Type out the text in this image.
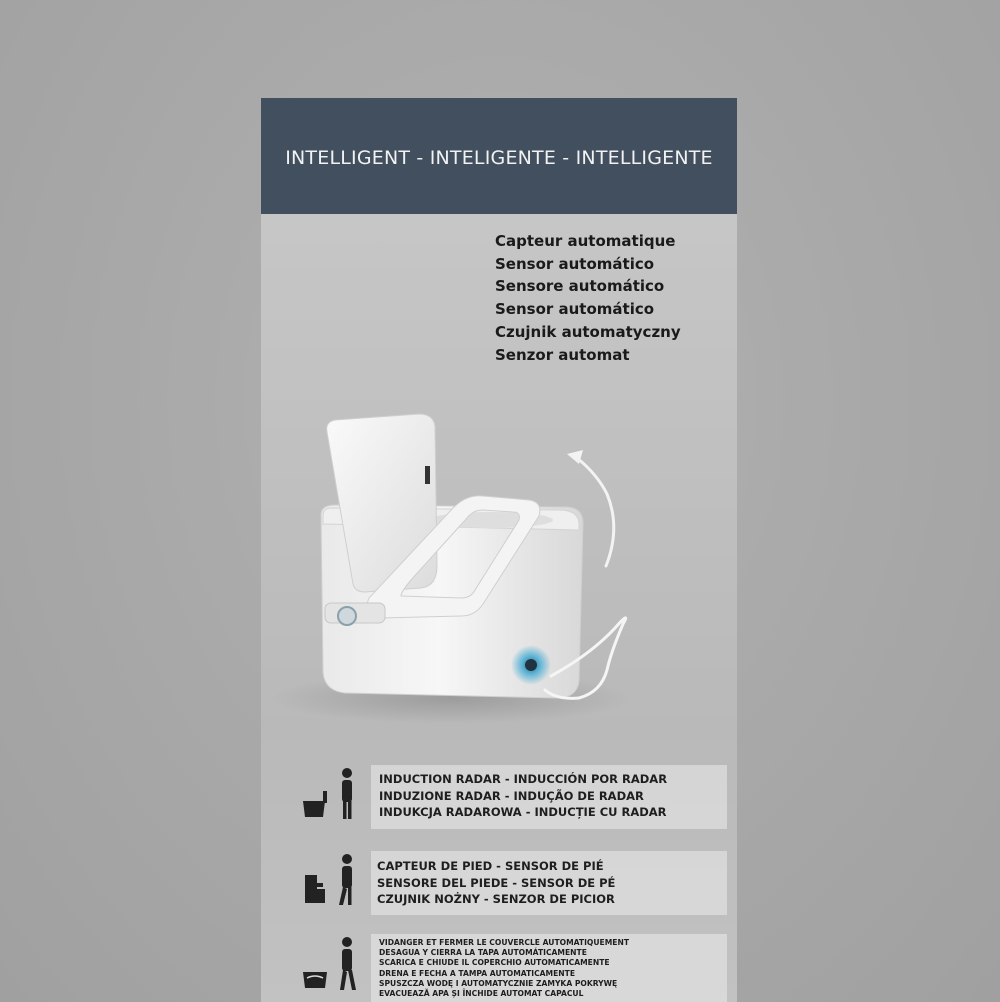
INTELLIGENT - INTELIGENTE - INTELLIGENTE
Capteur automatique
Sensor automático
Sensore automático
Sensor automático
Czujnik automatyczny
Senzor automat
INDUCTION RADAR - INDUCCIÓN POR RADAR
INDUZIONE RADAR - INDUÇÃO DE RADAR
INDUKCJA RADAROWA - INDUCȚIE CU RADAR
CAPTEUR DE PIED - SENSOR DE PIÉ
SENSORE DEL PIEDE - SENSOR DE PÉ
CZUJNIK NOŻNY - SENZOR DE PICIOR
VIDANGER ET FERMER LE COUVERCLE AUTOMATIQUEMENT
DESAGUA Y CIERRA LA TAPA AUTOMÁTICAMENTE
SCARICA E CHIUDE IL COPERCHIO AUTOMATICAMENTE
DRENA E FECHA A TAMPA AUTOMATICAMENTE
SPUSZCZA WODĘ I AUTOMATYCZNIE ZAMYKA POKRYWĘ
EVACUEAZĂ APA ȘI ÎNCHIDE AUTOMAT CAPACUL
